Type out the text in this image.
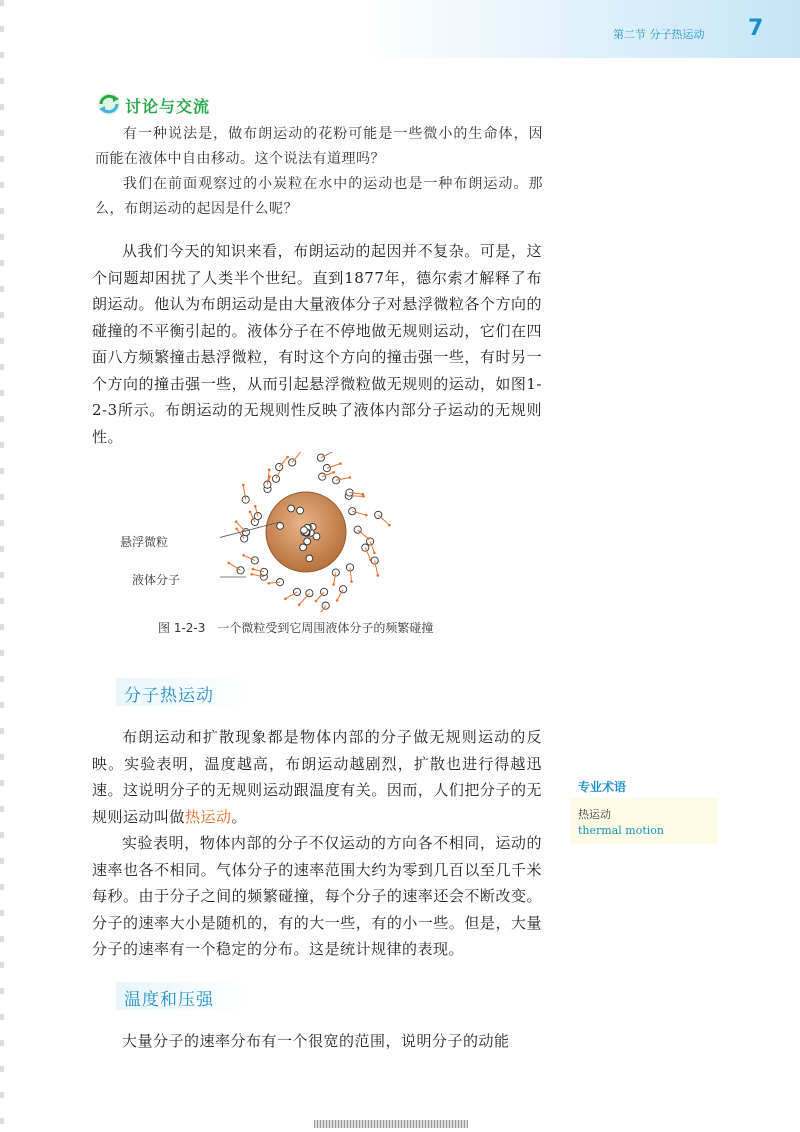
第二节 分子热运动 7
讨论与交流
有一种说法是，做布朗运动的花粉可能是一些微小的生命体，因而能在液体中自由移动。这个说法有道理吗？
我们在前面观察过的小炭粒在水中的运动也是一种布朗运动。那么，布朗运动的起因是什么呢？
从我们今天的知识来看，布朗运动的起因并不复杂。可是，这个问题却困扰了人类半个世纪。直到1877年，德尔索才解释了布朗运动。他认为布朗运动是由大量液体分子对悬浮微粒各个方向的碰撞的不平衡引起的。液体分子在不停地做无规则运动，它们在四面八方频繁撞击悬浮微粒，有时这个方向的撞击强一些，有时另一个方向的撞击强一些，从而引起悬浮微粒做无规则的运动，如图1-2-3所示。布朗运动的无规则性反映了液体内部分子运动的无规则性。
悬浮微粒
液体分子
图 1-2-3　一个微粒受到它周围液体分子的频繁碰撞
分子热运动
布朗运动和扩散现象都是物体内部的分子做无规则运动的反映。实验表明，温度越高，布朗运动越剧烈，扩散也进行得越迅速。这说明分子的无规则运动跟温度有关。因而，人们把分子的无规则运动叫做热运动。
实验表明，物体内部的分子不仅运动的方向各不相同，运动的速率也各不相同。气体分子的速率范围大约为零到几百以至几千米每秒。由于分子之间的频繁碰撞，每个分子的速率还会不断改变。分子的速率大小是随机的，有的大一些，有的小一些。但是，大量分子的速率有一个稳定的分布。这是统计规律的表现。
专业术语
热运动
thermal motion
温度和压强
大量分子的速率分布有一个很宽的范围，说明分子的动能
